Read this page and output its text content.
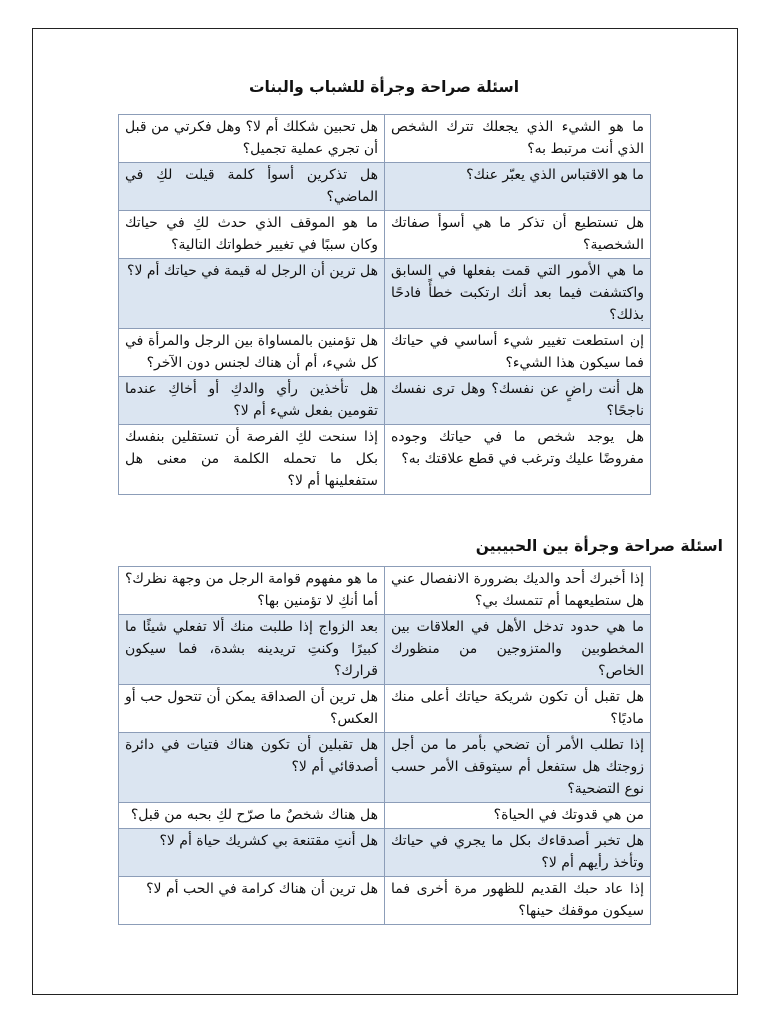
اسئلة صراحة وجرأة للشباب والبنات
ما هو الشيء الذي يجعلك تترك الشخص الذي أنت مرتبط به؟	هل تحبين شكلك أم لا؟ وهل فكرتي من قبل أن تجري عملية تجميل؟
ما هو الاقتباس الذي يعبّر عنك؟	هل تذكرين أسوأ كلمة قيلت لكِ في الماضي؟
هل تستطيع أن تذكر ما هي أسوأ صفاتك الشخصية؟	ما هو الموقف الذي حدث لكِ في حياتك وكان سببًا في تغيير خطواتك التالية؟
ما هي الأمور التي قمت بفعلها في السابق واكتشفت فيما بعد أنك ارتكبت خطأً فادحًا بذلك؟	هل ترين أن الرجل له قيمة في حياتك أم لا؟
إن استطعت تغيير شيء أساسي في حياتك فما سيكون هذا الشيء؟	هل تؤمنين بالمساواة بين الرجل والمرأة في كل شيء، أم أن هناك لجنس دون الآخر؟
هل أنت راضٍ عن نفسك؟ وهل ترى نفسك ناجحًا؟	هل تأخذين رأي والدكِ أو أخاكِ عندما تقومين بفعل شيء أم لا؟
هل يوجد شخص ما في حياتك وجوده مفروضًا عليك وترغب في قطع علاقتك به؟	إذا سنحت لكِ الفرصة أن تستقلين بنفسك بكل ما تحمله الكلمة من معنى هل ستفعلينها أم لا؟
اسئلة صراحة وجرأة بين الحبيبين
إذا أخبرك أحد والديك بضرورة الانفصال عني هل ستطيعهما أم تتمسك بي؟	ما هو مفهوم قوامة الرجل من وجهة نظرك؟ أما أنكِ لا تؤمنين بها؟
ما هي حدود تدخل الأهل في العلاقات بين المخطوبين والمتزوجين من منظورك الخاص؟	بعد الزواج إذا طلبت منك ألا تفعلي شيئًا ما كبيرًا وكنتِ تريدينه بشدة، فما سيكون قرارك؟
هل تقبل أن تكون شريكة حياتك أعلى منك ماديًا؟	هل ترين أن الصداقة يمكن أن تتحول حب أو العكس؟
إذا تطلب الأمر أن تضحي بأمر ما من أجل زوجتك هل ستفعل أم سيتوقف الأمر حسب نوع التضحية؟	هل تقبلين أن تكون هناك فتيات في دائرة أصدقائي أم لا؟
من هي قدوتك في الحياة؟	هل هناك شخصٌ ما صرّح لكِ بحبه من قبل؟
هل تخبر أصدقاءك بكل ما يجري في حياتك وتأخذ رأيهم أم لا؟	هل أنتِ مقتنعة بي كشريك حياة أم لا؟
إذا عاد حبك القديم للظهور مرة أخرى فما سيكون موقفك حينها؟	هل ترين أن هناك كرامة في الحب أم لا؟
